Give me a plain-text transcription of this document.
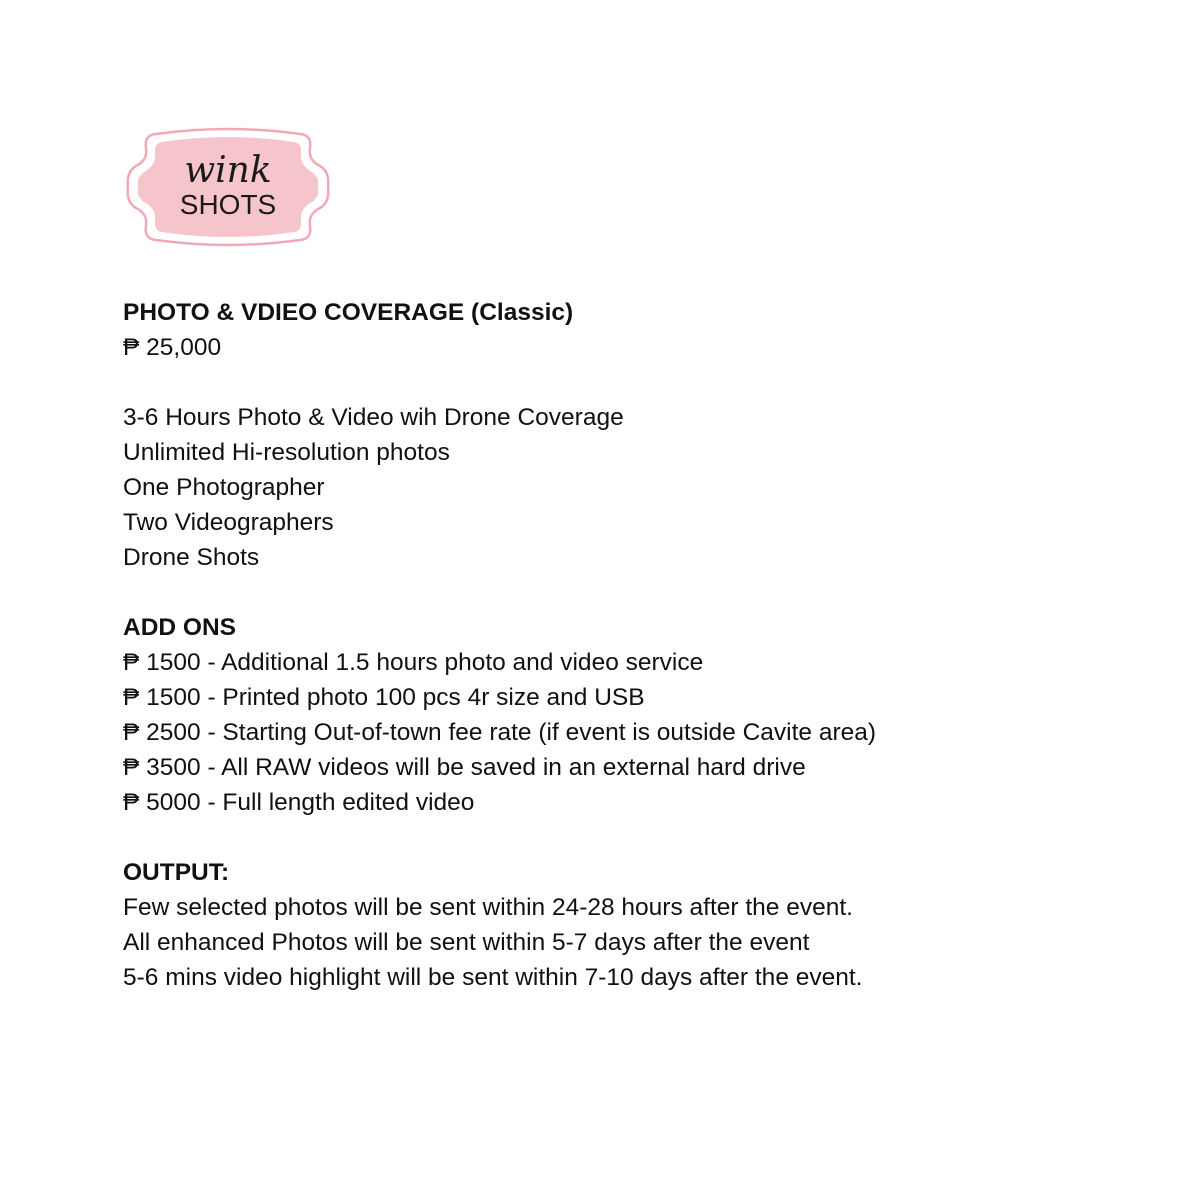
wink
SHOTS
PHOTO & VDIEO COVERAGE (Classic)
₱ 25,000
3-6 Hours Photo & Video wih Drone Coverage
Unlimited Hi-resolution photos
One Photographer
Two Videographers
Drone Shots
ADD ONS
₱ 1500 - Additional 1.5 hours photo and video service
₱ 1500 - Printed photo 100 pcs 4r size and USB
₱ 2500 - Starting Out-of-town fee rate (if event is outside Cavite area)
₱ 3500 - All RAW videos will be saved in an external hard drive
₱ 5000 - Full length edited video
OUTPUT:
Few selected photos will be sent within 24-28 hours after the event.
All enhanced Photos will be sent within 5-7 days after the event
5-6 mins video highlight will be sent within 7-10 days after the event.
